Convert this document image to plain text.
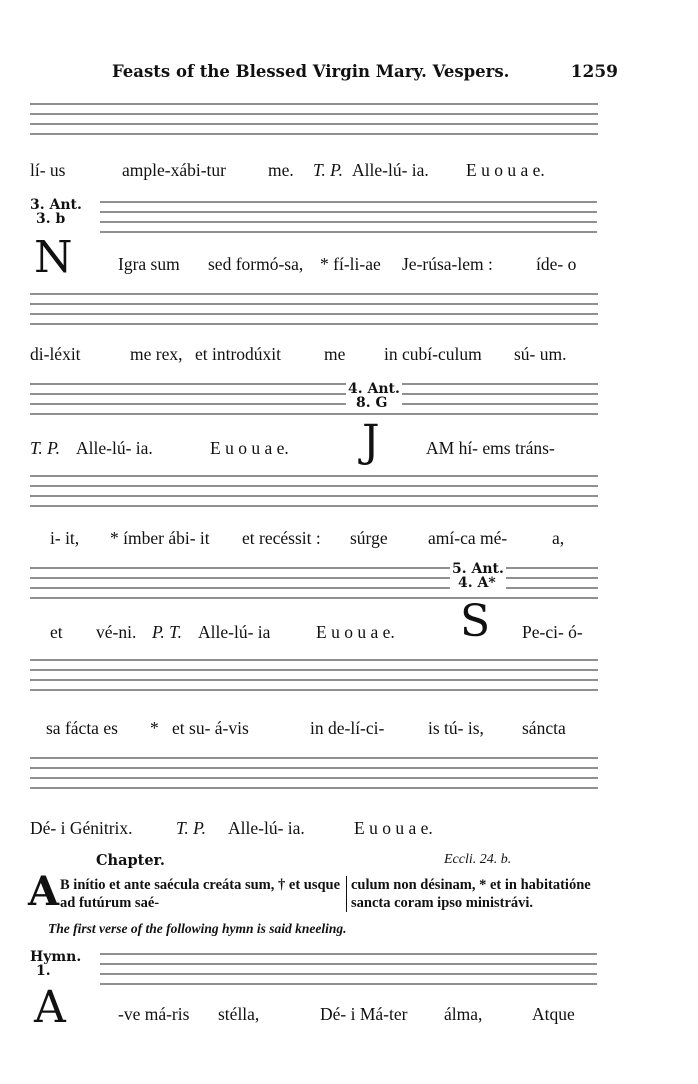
Feasts of the Blessed Virgin Mary. Vespers.	1259
lí- us	ample-xábi-tur me. T. P. Alle-lú- ia. E u o u a e.
3. Ant.
3. b
N	Igra sum sed formó-sa, * fí-li-ae Je-rúsa-lem : íde- o
di-léxit	me rex, et introdúxit me in cubí-culum sú- um.
4. Ant.
8. G
J
T. P. Alle-lú- ia.	E u o u a e.	AM hí- ems tráns-
i- it, * ímber ábi- it et recéssit : súrge amí-ca mé-	a,
5. Ant.
4. A*
S
et vé-ni. P. T. Alle-lú- ia	E u o u a e.	Pe-ci- ó-
sa fácta es * et su- á-vis	in de-lí-ci- is tú- is, sáncta
Dé- i Génitrix. T. P. Alle-lú- ia.	E u o u a e.
Chapter.	Eccli. 24. b.
A B inítio et ante saécula creáta sum, † et usque ad futúrum saé-
culum non désinam, * et in habitatióne sancta coram ipso ministrávi.
The first verse of the following hymn is said kneeling.
Hymn.
1.
A	-ve má-ris stélla,	Dé- i Má-ter álma,	Atque
